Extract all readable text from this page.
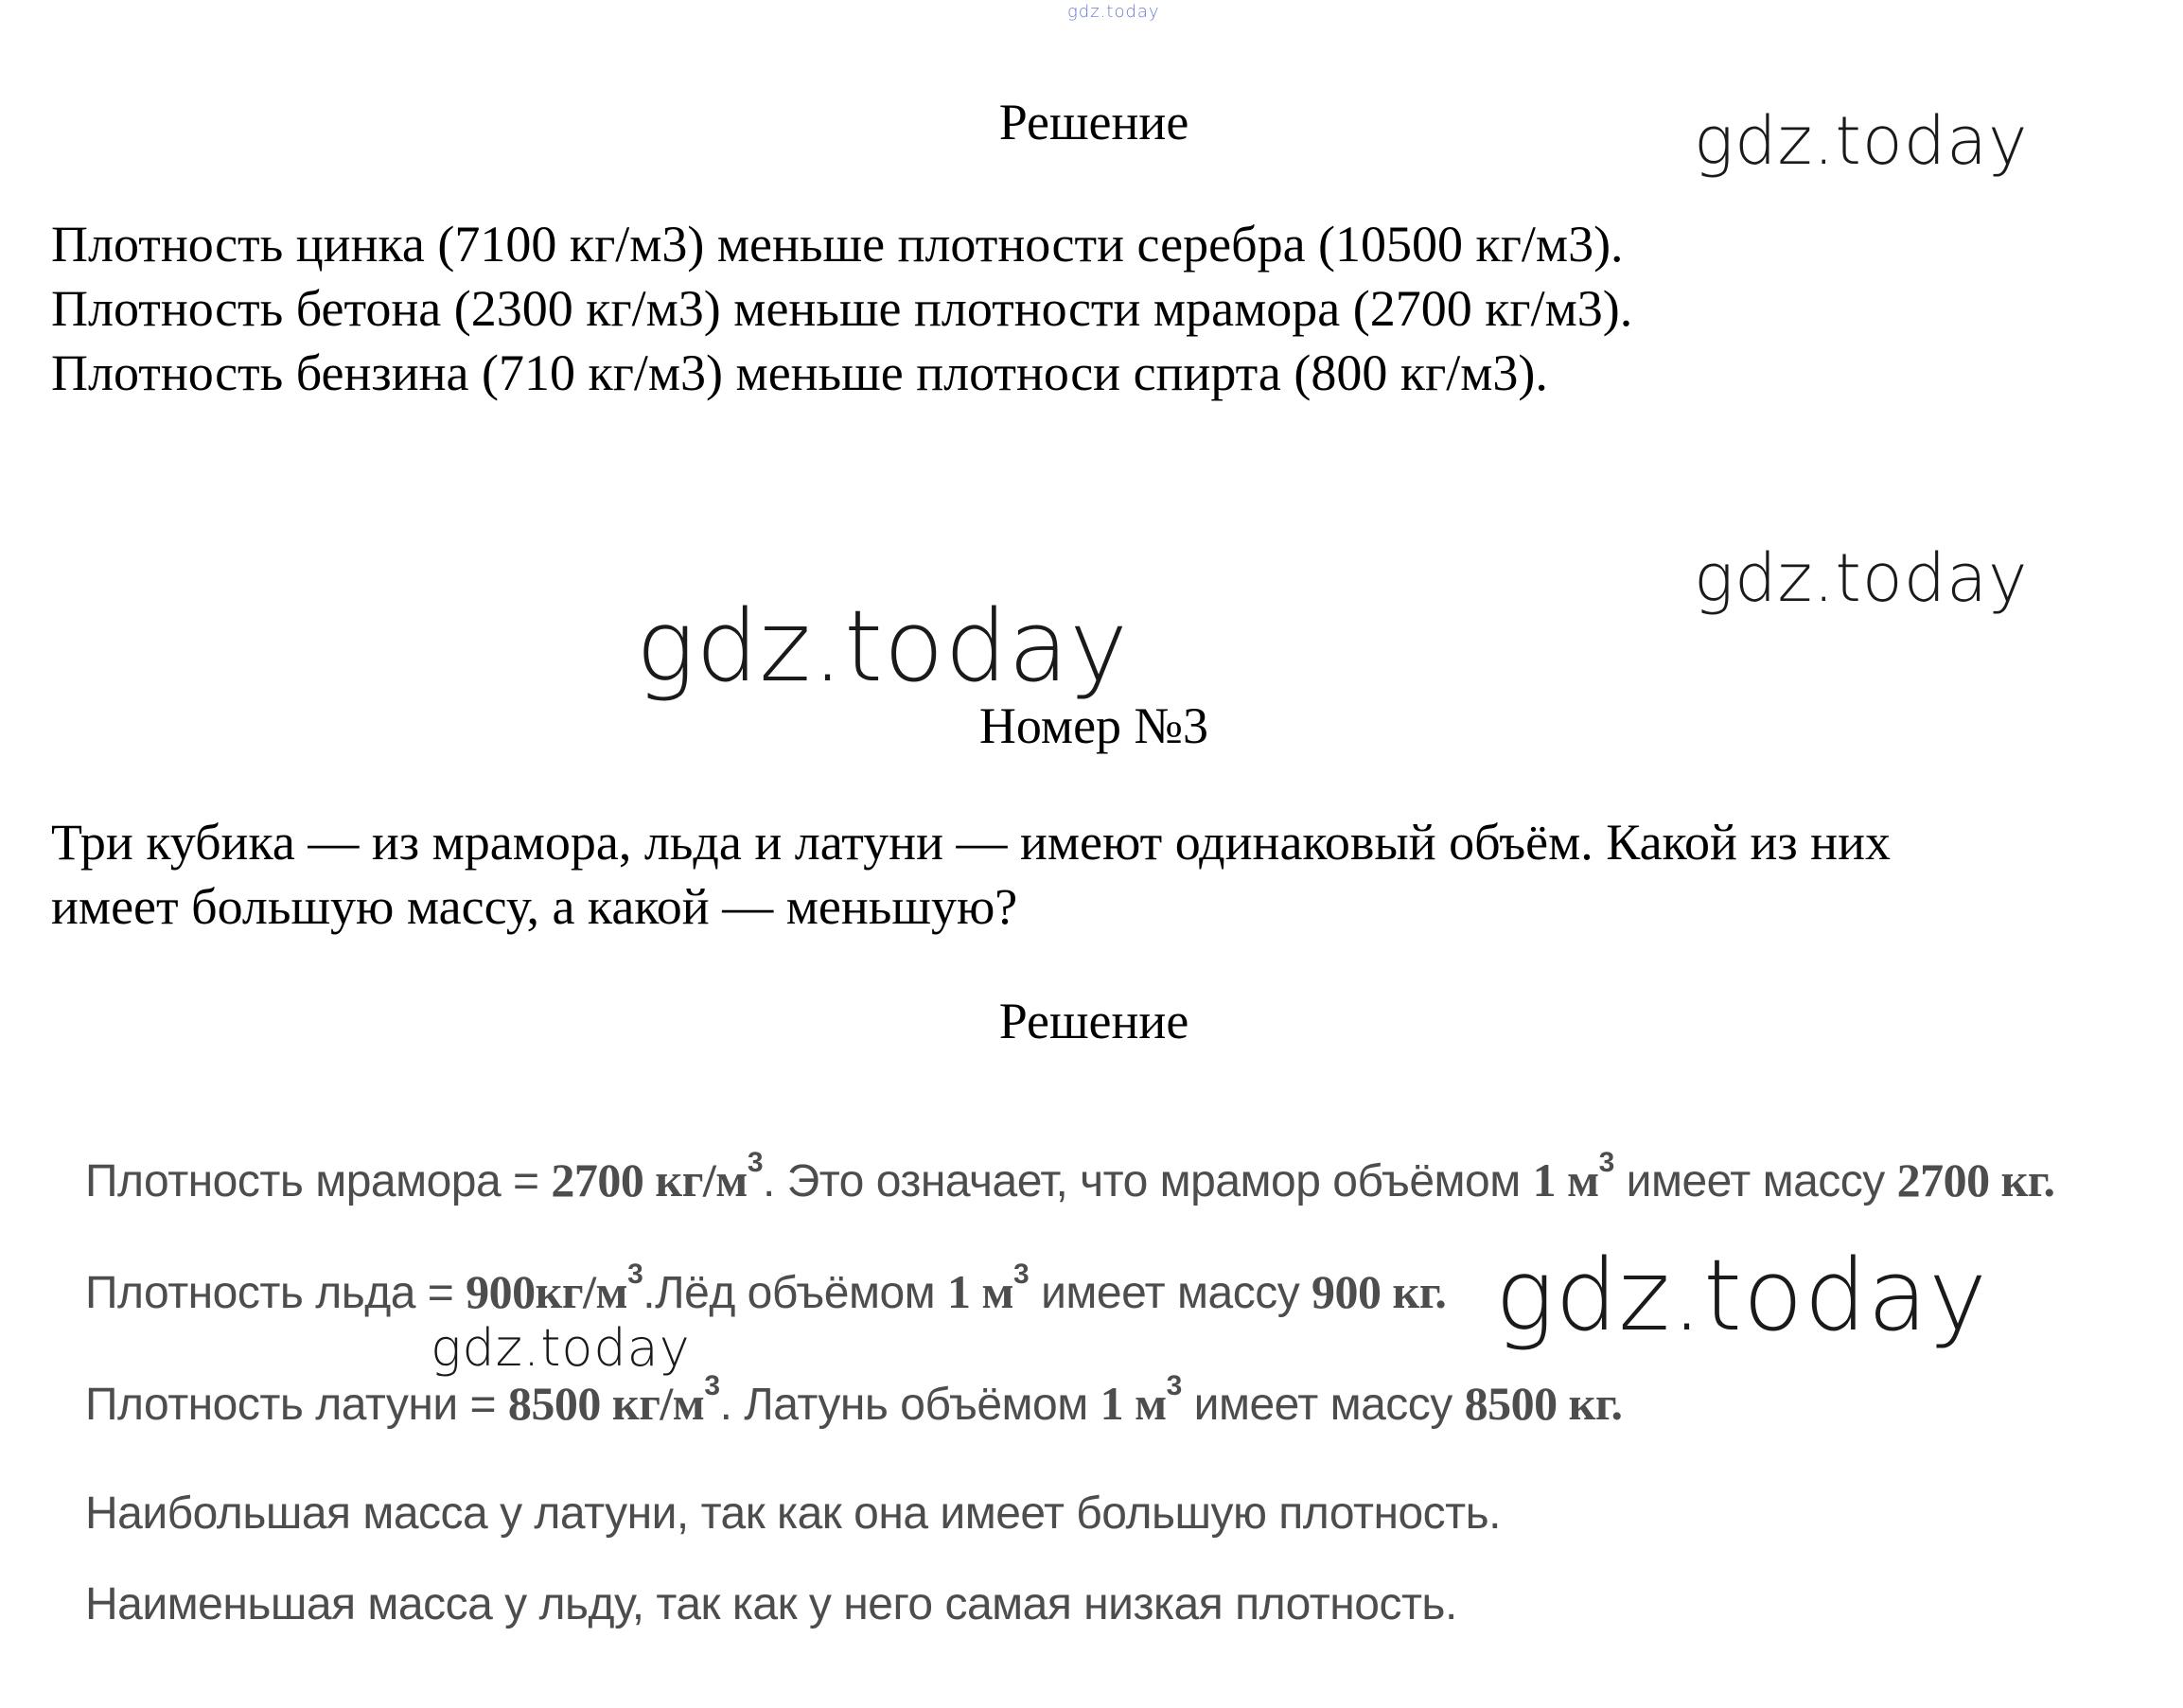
gdz.today
gdz.today
gdz.today
Решение
Плотность цинка (7100 кг/м3) меньше плотности серебра (10500 кг/м3).
Плотность бетона (2300 кг/м3) меньше плотности мрамора (2700 кг/м3).
Плотность бензина (710 кг/м3) меньше плотноси спирта (800 кг/м3).
Номер №3
gdz.today
Три кубика — из мрамора, льда и латуни — имеют одинаковый объём. Какой из них
имеет большую массу, а какой — меньшую?
Решение
Плотность мрамора = 2700 $кг/м^3$. Это означает, что мрамор объёмом 1 $м^3$ имеет массу 2700 кг.
Плотность льда = $900кг/м^3.Лёд$ объёмом 1 $м^3$ имеет массу 900 кг. gdz.today
gdz.today
Плотность латуни = 8500 $кг/м^3$. Латунь объёмом 1 $м^3$ имеет массу 8500 кг.
Наибольшая масса у латуни, так как она имеет большую плотность.
Наименьшая масса у льду, так как у него самая низкая плотность.
